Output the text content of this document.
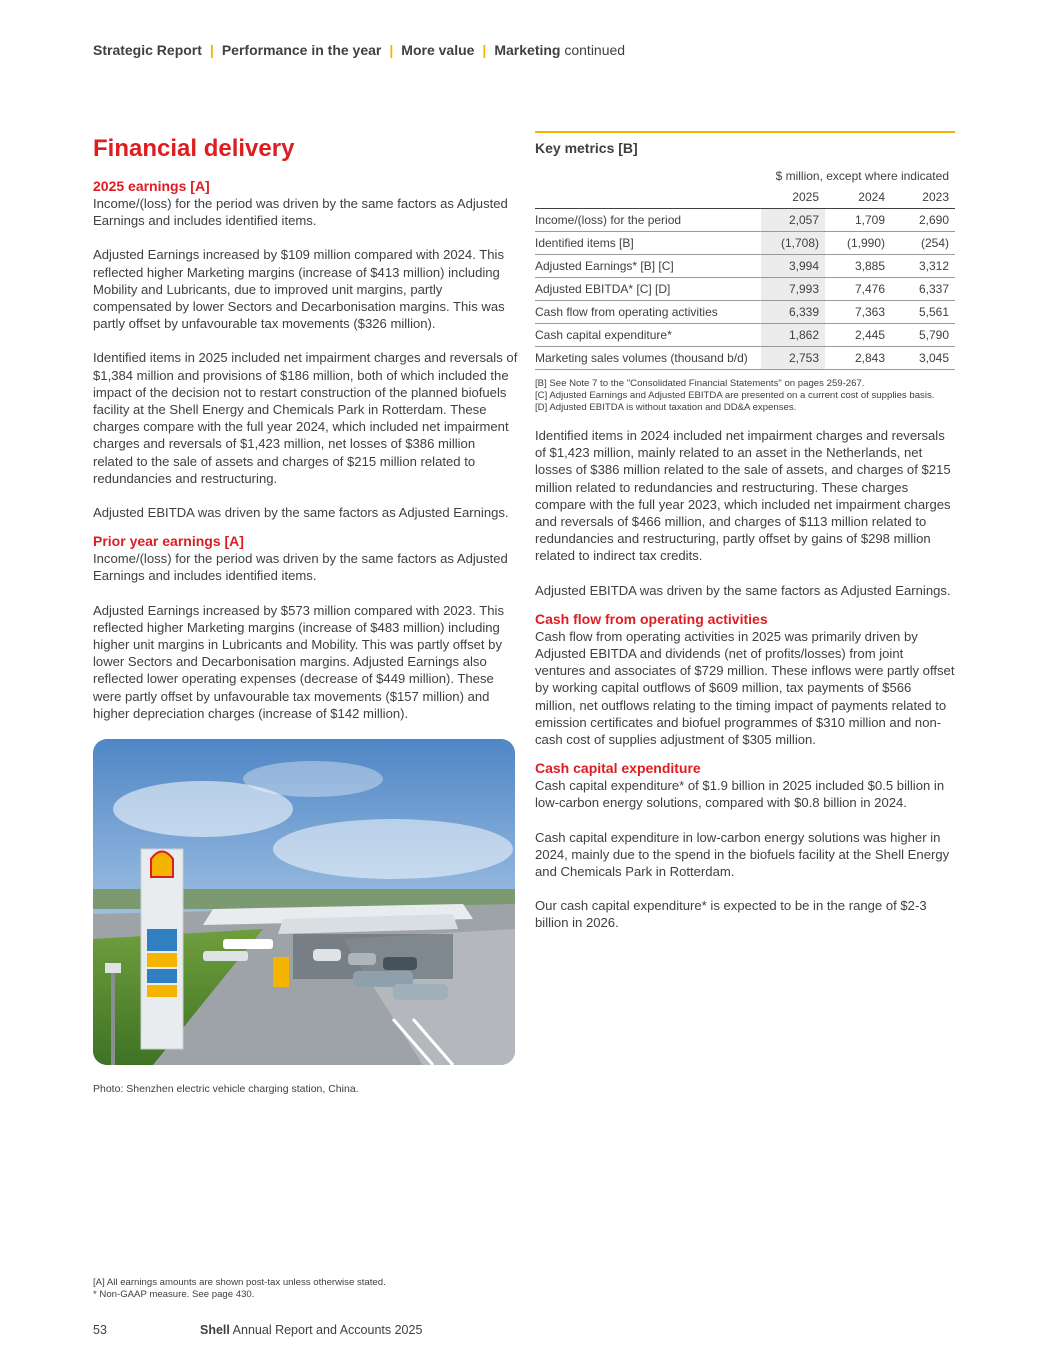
Strategic Report | Performance in the year | More value | Marketing continued
Financial delivery
2025 earnings [A]

Income/(loss) for the period was driven by the same factors as Adjusted Earnings and includes identified items.

Adjusted Earnings increased by $109 million compared with 2024. This reflected higher Marketing margins (increase of $413 million) including Mobility and Lubricants, due to improved unit margins, partly compensated by lower Sectors and Decarbonisation margins. This was partly offset by unfavourable tax movements ($326 million).

Identified items in 2025 included net impairment charges and reversals of $1,384 million and provisions of $186 million, both of which included the impact of the decision not to restart construction of the planned biofuels facility at the Shell Energy and Chemicals Park in Rotterdam. These charges compare with the full year 2024, which included net impairment charges and reversals of $1,423 million, net losses of $386 million related to the sale of assets and charges of $215 million related to redundancies and restructuring.

Adjusted EBITDA was driven by the same factors as Adjusted Earnings.

Prior year earnings [A]

Income/(loss) for the period was driven by the same factors as Adjusted Earnings and includes identified items.

Adjusted Earnings increased by $573 million compared with 2023. This reflected higher Marketing margins (increase of $483 million) including higher unit margins in Lubricants and Mobility. This was partly offset by lower Sectors and Decarbonisation margins. Adjusted Earnings also reflected lower operating expenses (decrease of $449 million). These were partly offset by unfavourable tax movements ($157 million) and higher depreciation charges (increase of $142 million).

Photo: Shenzhen electric vehicle charging station, China.

Key metrics [B]
	$ million, except where indicated		
	2025	2024	2023
Income/(loss) for the period	2,057	1,709	2,690
Identified items [B]	(1,708)	(1,990)	(254)
Adjusted Earnings* [B] [C]	3,994	3,885	3,312
Adjusted EBITDA* [C] [D]	7,993	7,476	6,337
Cash flow from operating activities	6,339	7,363	5,561
Cash capital expenditure*	1,862	2,445	5,790
Marketing sales volumes (thousand b/d)	2,753	2,843	3,045
[B] See Note 7 to the "Consolidated Financial Statements" on pages 259-267.
[C] Adjusted Earnings and Adjusted EBITDA are presented on a current cost of supplies basis.
[D] Adjusted EBITDA is without taxation and DD&A expenses.

Identified items in 2024 included net impairment charges and reversals of $1,423 million, mainly related to an asset in the Netherlands, net losses of $386 million related to the sale of assets, and charges of $215 million related to redundancies and restructuring. These charges compare with the full year 2023, which included net impairment charges and reversals of $466 million, and charges of $113 million related to redundancies and restructuring, partly offset by gains of $298 million related to indirect tax credits.

Adjusted EBITDA was driven by the same factors as Adjusted Earnings.

Cash flow from operating activities

Cash flow from operating activities in 2025 was primarily driven by Adjusted EBITDA and dividends (net of profits/losses) from joint ventures and associates of $729 million. These inflows were partly offset by working capital outflows of $609 million, tax payments of $566 million, net outflows relating to the timing impact of payments related to emission certificates and biofuel programmes of $310 million and non-cash cost of supplies adjustment of $305 million.

Cash capital expenditure

Cash capital expenditure* of $1.9 billion in 2025 included $0.5 billion in low-carbon energy solutions, compared with $0.8 billion in 2024.

Cash capital expenditure in low-carbon energy solutions was higher in 2024, mainly due to the spend in the biofuels facility at the Shell Energy and Chemicals Park in Rotterdam.

Our cash capital expenditure* is expected to be in the range of $2-3 billion in 2026.

[A] All earnings amounts are shown post-tax unless otherwise stated.
* Non-GAAP measure. See page 430.
53	Shell Annual Report and Accounts 2025
